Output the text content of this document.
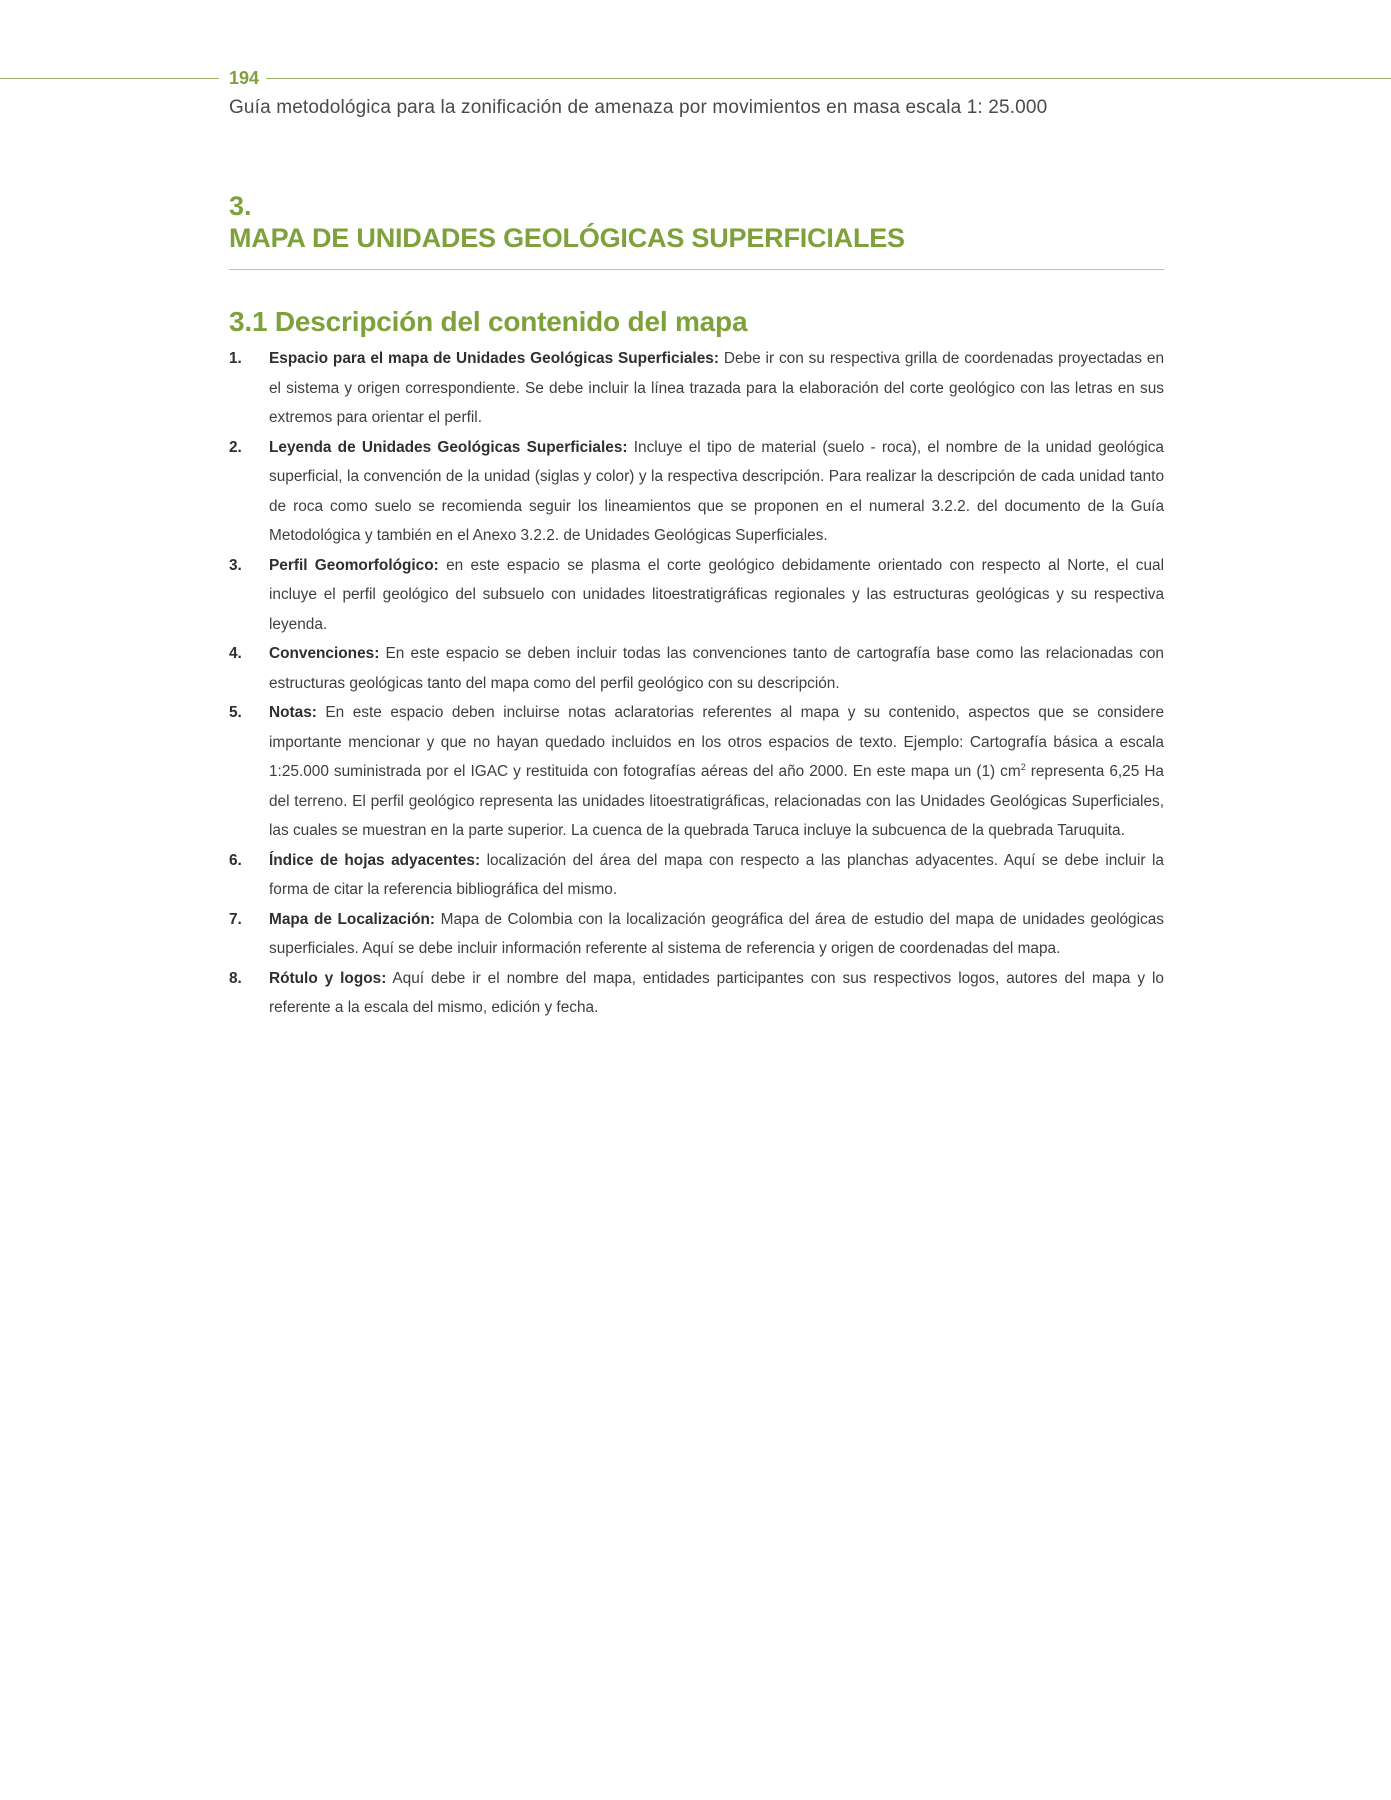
194
Guía metodológica para la zonificación de amenaza por movimientos en masa escala 1: 25.000
3.
MAPA DE UNIDADES GEOLÓGICAS SUPERFICIALES
3.1 Descripción del contenido del mapa
1. Espacio para el mapa de Unidades Geológicas Superficiales: Debe ir con su respectiva grilla de coordenadas proyectadas en el sistema y origen correspondiente. Se debe incluir la línea trazada para la elaboración del corte geológico con las letras en sus extremos para orientar el perfil.
2. Leyenda de Unidades Geológicas Superficiales: Incluye el tipo de material (suelo - roca), el nombre de la unidad geológica superficial, la convención de la unidad (siglas y color) y la respectiva descripción. Para realizar la descripción de cada unidad tanto de roca como suelo se recomienda seguir los lineamientos que se proponen en el numeral 3.2.2. del documento de la Guía Metodológica y también en el Anexo 3.2.2. de Unidades Geológicas Superficiales.
3. Perfil Geomorfológico: en este espacio se plasma el corte geológico debidamente orientado con respecto al Norte, el cual incluye el perfil geológico del subsuelo con unidades litoestratigráficas regionales y las estructuras geológicas y su respectiva leyenda.
4. Convenciones: En este espacio se deben incluir todas las convenciones tanto de cartografía base como las relacionadas con estructuras geológicas tanto del mapa como del perfil geológico con su descripción.
5. Notas: En este espacio deben incluirse notas aclaratorias referentes al mapa y su contenido, aspectos que se considere importante mencionar y que no hayan quedado incluidos en los otros espacios de texto. Ejemplo: Cartografía básica a escala 1:25.000 suministrada por el IGAC y restituida con fotografías aéreas del año 2000. En este mapa un (1) $cm^2$ representa 6,25 Ha del terreno. El perfil geológico representa las unidades litoestratigráficas, relacionadas con las Unidades Geológicas Superficiales, las cuales se muestran en la parte superior. La cuenca de la quebrada Taruca incluye la subcuenca de la quebrada Taruquita.
6. Índice de hojas adyacentes: localización del área del mapa con respecto a las planchas adyacentes. Aquí se debe incluir la forma de citar la referencia bibliográfica del mismo.
7. Mapa de Localización: Mapa de Colombia con la localización geográfica del área de estudio del mapa de unidades geológicas superficiales. Aquí se debe incluir información referente al sistema de referencia y origen de coordenadas del mapa.
8. Rótulo y logos: Aquí debe ir el nombre del mapa, entidades participantes con sus respectivos logos, autores del mapa y lo referente a la escala del mismo, edición y fecha.
